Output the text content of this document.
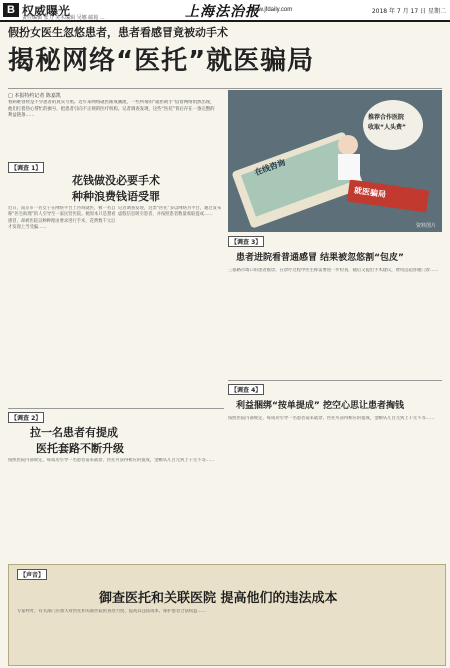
B 权威曝光
责任编辑 张力 美术编辑 吴娜 邮箱 ...	上海法治报
www.jfdaily.com	2018 年 7 月 17 日 星期二
假扮女医生忽悠患者，患者看感冒竟被动手术
揭秘网络“医托”就医骗局
□ 本报特约记者 陈嘉凯
看病难曾经是不少患者的真实写照。近年来网络就医渐成潮流，一些所谓的“就医助手”借着网络悄然出现，他们打着热心帮忙的旗号，把患者引向不正规的医疗机构。记者调查发现，这些“医托”背后存在一条完整的利益链条……	推荐合作医院
收取“人头费”
在线咨询
就医骗局
资料图片
【调查 1】
花钱做没必要手术
种种浪费钱语受罪
近日，南京市一名女子在网络平台上咨询就医，被一名自称“医生助理”的人引导至一家民营医院。她原本只是想看感冒，却被医院以种种理由要求进行手术，花费数千元后才发现上当受骗……
记者调查发现，这类“医托”多以网络为平台，通过发布虚假信息吸引患者，并按照患者数量收取提成……
【调查 3】
患者进院看普通感冒 结果被忽悠割“包皮”
三都路市场口的患者接诊，在诊疗过程中医生称需要进一步检查，随后又提出手术建议，费用远超普通门诊……
【调查 2】
拉一名患者有提成
医托套路不断升级
按照医院内部规定，每成功引导一名患者前来就诊，医托可获得相应的提成，金额从几百元到上千元不等……
【调查 4】
利益捆绑“按单提成” 挖空心思让患者掏钱
按照医院内部规定，每成功引导一名患者前来就诊，医托可获得相应的提成，金额从几百元到上千元不等……
【声音】
御查医托和关联医院 提高他们的违法成本
专家呼吁，有关部门应加大对医托和关联医院的查处力度，提高其违法成本，保护患者合法权益……
